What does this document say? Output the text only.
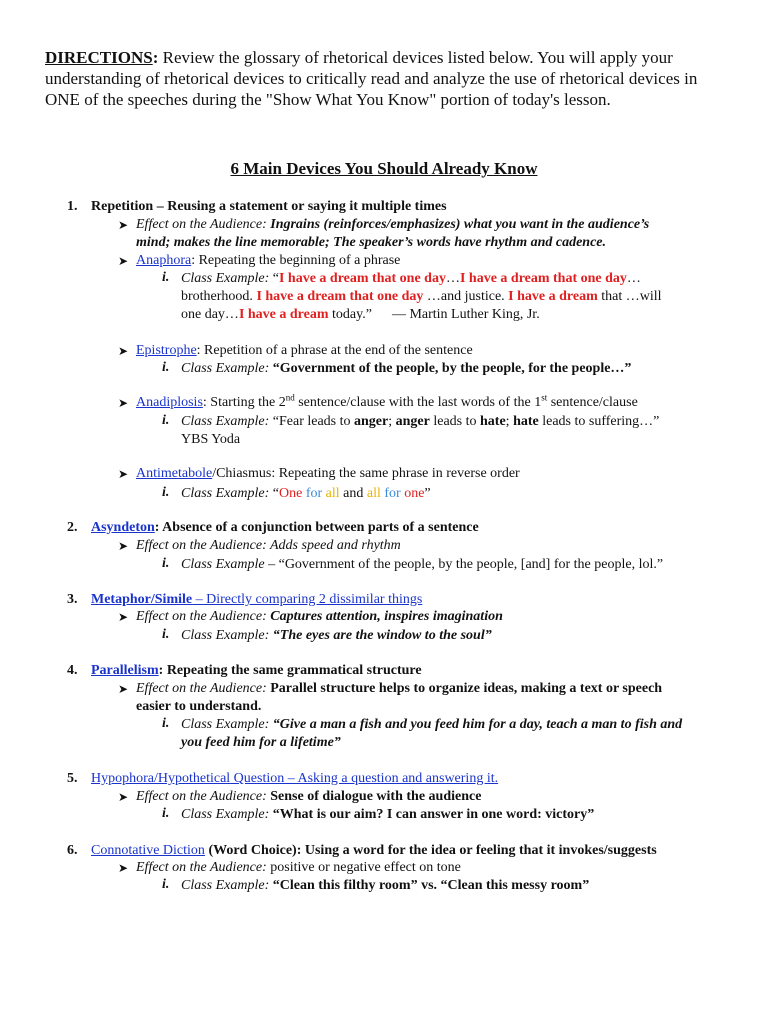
DIRECTIONS: Review the glossary of rhetorical devices listed below. You will apply your understanding of rhetorical devices to critically read and analyze the use of rhetorical devices in ONE of the speeches during the "Show What You Know" portion of today's lesson.
6 Main Devices You Should Already Know
1. Repetition – Reusing a statement or saying it multiple times
➤ Effect on the Audience: Ingrains (reinforces/emphasizes) what you want in the audience’s
mind; makes the line memorable; The speaker’s words have rhythm and cadence.
➤ Anaphora: Repeating the beginning of a phrase
i. Class Example: “I have a dream that one day…I have a dream that one day…
brotherhood. I have a dream that one day …and justice. I have a dream that …will
one day…I have a dream today.” — Martin Luther King, Jr.
➤ Epistrophe: Repetition of a phrase at the end of the sentence
i. Class Example: “Government of the people, by the people, for the people…”
➤ Anadiplosis: Starting the 2nd sentence/clause with the last words of the 1st sentence/clause
i. Class Example: “Fear leads to anger; anger leads to hate; hate leads to suffering…”
YBS Yoda
➤ Antimetabole/Chiasmus: Repeating the same phrase in reverse order
i. Class Example: “One for all and all for one”
2. Asyndeton: Absence of a conjunction between parts of a sentence
➤ Effect on the Audience: Adds speed and rhythm
i. Class Example – “Government of the people, by the people, [and] for the people, lol.”
3. Metaphor/Simile – Directly comparing 2 dissimilar things
➤ Effect on the Audience: Captures attention, inspires imagination
i. Class Example: “The eyes are the window to the soul”
4. Parallelism: Repeating the same grammatical structure
➤ Effect on the Audience: Parallel structure helps to organize ideas, making a text or speech
easier to understand.
i. Class Example: “Give a man a fish and you feed him for a day, teach a man to fish and
you feed him for a lifetime”
5. Hypophora/Hypothetical Question – Asking a question and answering it.
➤ Effect on the Audience: Sense of dialogue with the audience
i. Class Example: “What is our aim? I can answer in one word: victory”
6. Connotative Diction (Word Choice): Using a word for the idea or feeling that it invokes/suggests
➤ Effect on the Audience: positive or negative effect on tone
i. Class Example: “Clean this filthy room” vs. “Clean this messy room”
